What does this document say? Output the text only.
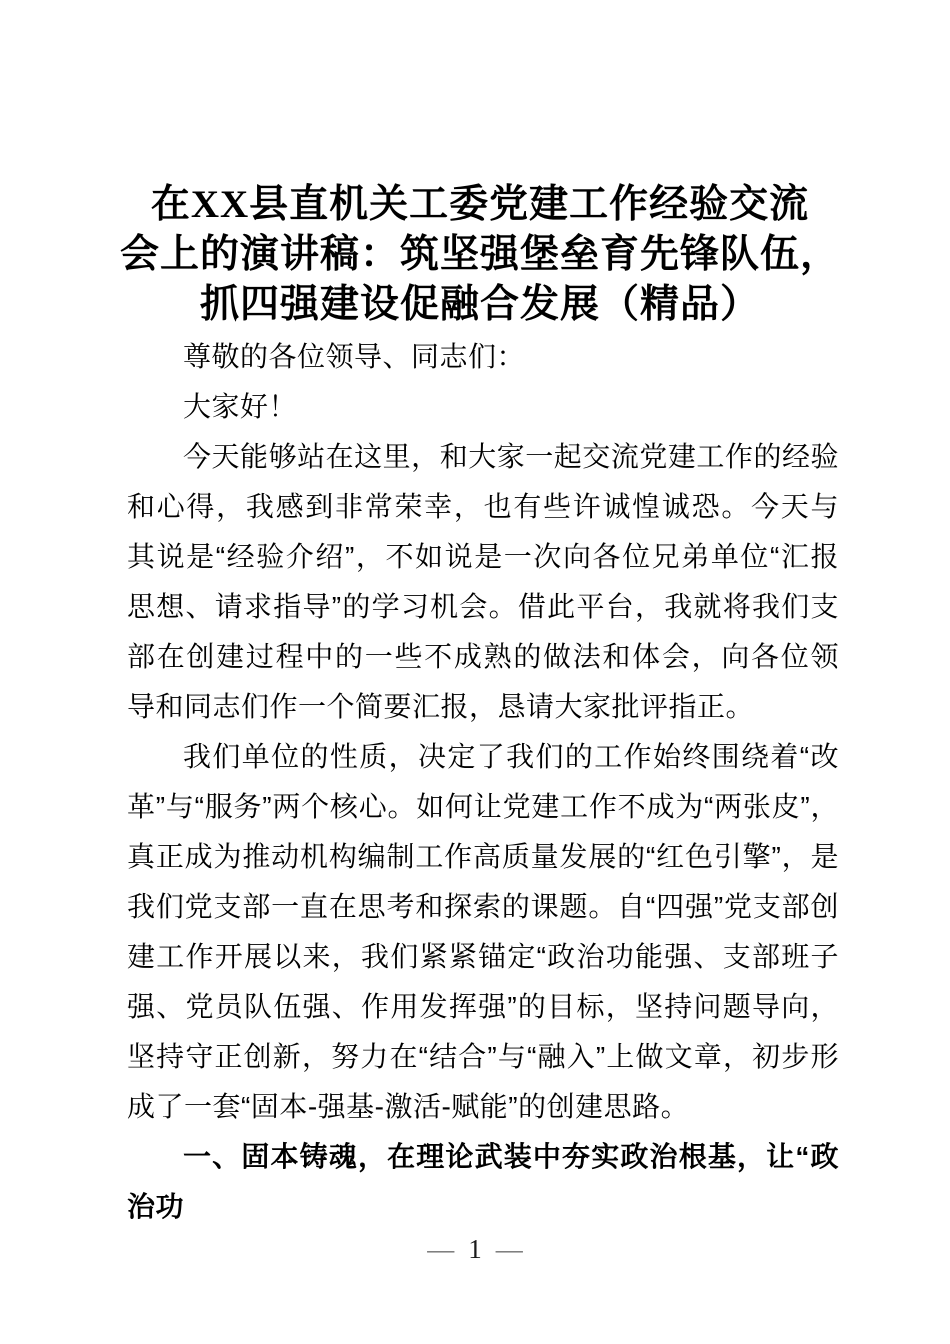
在XX县直机关工委党建工作经验交流
会上的演讲稿：筑坚强堡垒育先锋队伍，
抓四强建设促融合发展（精品）

尊敬的各位领导、同志们：

大家好！

今天能够站在这里，和大家一起交流党建工作的经验和心得，我感到非常荣幸，也有些许诚惶诚恐。今天与其说是“经验介绍”，不如说是一次向各位兄弟单位“汇报思想、请求指导”的学习机会。借此平台，我就将我们支部在创建过程中的一些不成熟的做法和体会，向各位领导和同志们作一个简要汇报，恳请大家批评指正。

我们单位的性质，决定了我们的工作始终围绕着“改革”与“服务”两个核心。如何让党建工作不成为“两张皮”，真正成为推动机构编制工作高质量发展的“红色引擎”，是我们党支部一直在思考和探索的课题。自“四强”党支部创建工作开展以来，我们紧紧锚定“政治功能强、支部班子强、党员队伍强、作用发挥强”的目标，坚持问题导向，坚持守正创新，努力在“结合”与“融入”上做文章，初步形成了一套“固本-强基-激活-赋能”的创建思路。

一、固本铸魂，在理论武装中夯实政治根基，让“政治功

— 1 —
